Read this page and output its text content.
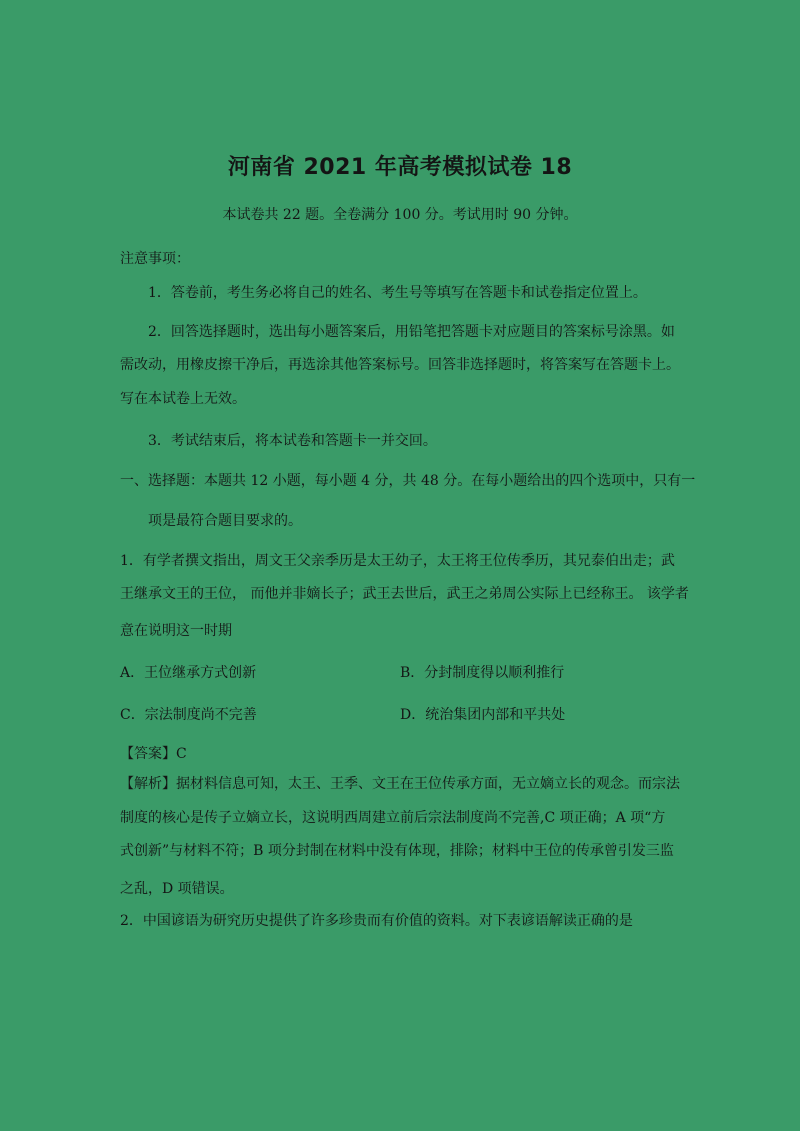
河南省 2021 年高考模拟试卷 18
本试卷共 22 题。全卷满分 100 分。考试用时 90 分钟。
注意事项：
1．答卷前，考生务必将自己的姓名、考生号等填写在答题卡和试卷指定位置上。
2．回答选择题时，选出每小题答案后，用铅笔把答题卡对应题目的答案标号涂黑。如
需改动，用橡皮擦干净后，再选涂其他答案标号。回答非选择题时，将答案写在答题卡上。
写在本试卷上无效。
3．考试结束后，将本试卷和答题卡一并交回。
一、选择题：本题共 12 小题，每小题 4 分，共 48 分。在每小题给出的四个选项中，只有一
项是最符合题目要求的。
1．有学者撰文指出，周文王父亲季历是太王幼子，太王将王位传季历，其兄泰伯出走；武
王继承文王的王位， 而他并非嫡长子；武王去世后，武王之弟周公实际上已经称王。 该学者
意在说明这一时期
A．王位继承方式创新	B．分封制度得以顺利推行
C．宗法制度尚不完善	D．统治集团内部和平共处
【答案】C
【解析】据材料信息可知，太王、王季、文王在王位传承方面，无立嫡立长的观念。而宗法
制度的核心是传子立嫡立长，这说明西周建立前后宗法制度尚不完善,C 项正确；A 项“方
式创新”与材料不符；B 项分封制在材料中没有体现，排除；材料中王位的传承曾引发三监
之乱，D 项错误。
2．中国谚语为研究历史提供了许多珍贵而有价值的资料。对下表谚语解读正确的是
